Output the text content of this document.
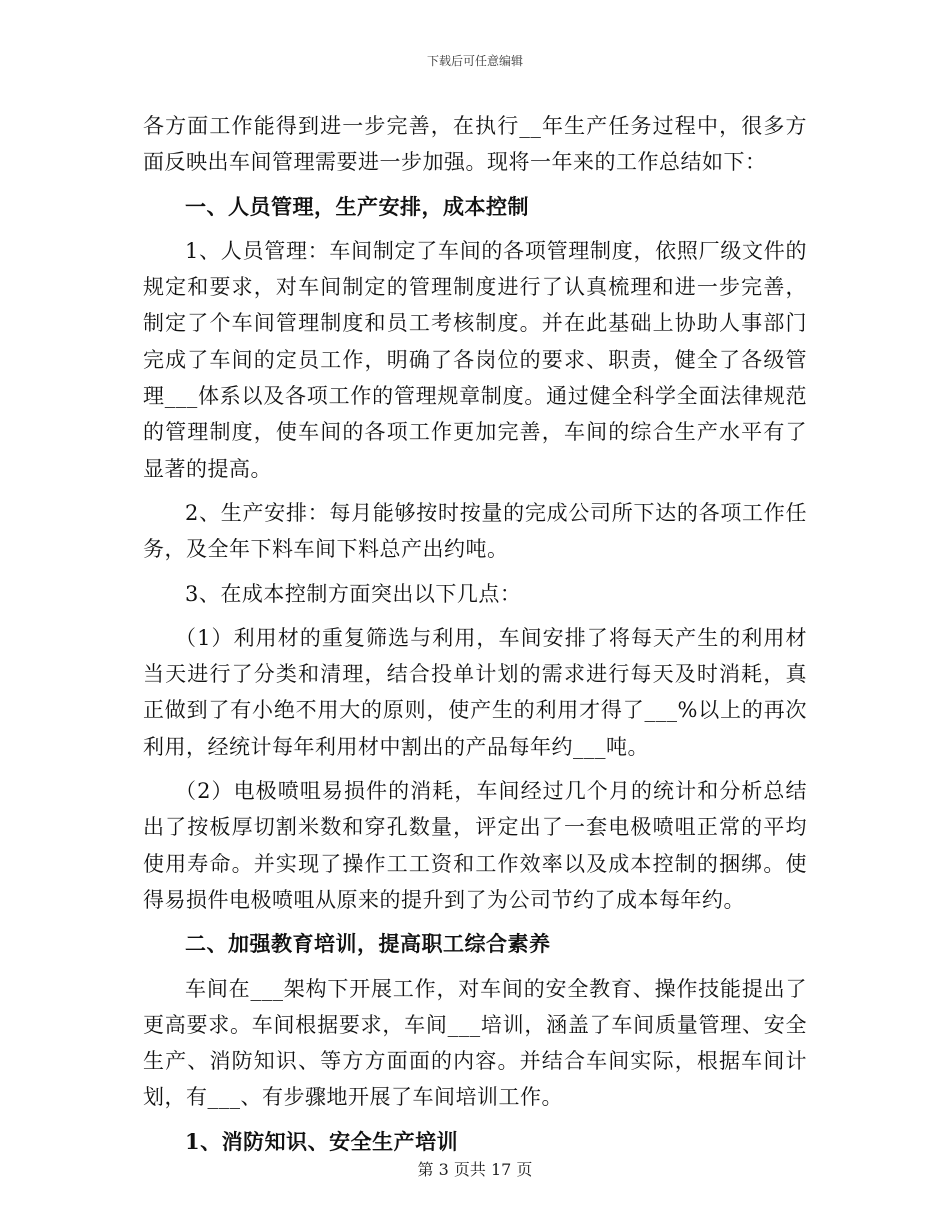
下载后可任意编辑

各方面工作能得到进一步完善，在执行__年生产任务过程中，很多方面反映出车间管理需要进一步加强。现将一年来的工作总结如下：

一、人员管理，生产安排，成本控制

1、人员管理：车间制定了车间的各项管理制度，依照厂级文件的规定和要求，对车间制定的管理制度进行了认真梳理和进一步完善，制定了个车间管理制度和员工考核制度。并在此基础上协助人事部门完成了车间的定员工作，明确了各岗位的要求、职责，健全了各级管理___体系以及各项工作的管理规章制度。通过健全科学全面法律规范的管理制度，使车间的各项工作更加完善，车间的综合生产水平有了显著的提高。

2、生产安排：每月能够按时按量的完成公司所下达的各项工作任务，及全年下料车间下料总产出约吨。

3、在成本控制方面突出以下几点：

（1）利用材的重复筛选与利用，车间安排了将每天产生的利用材当天进行了分类和清理，结合投单计划的需求进行每天及时消耗，真正做到了有小绝不用大的原则，使产生的利用才得了___%以上的再次利用，经统计每年利用材中割出的产品每年约___吨。

（2）电极喷咀易损件的消耗，车间经过几个月的统计和分析总结出了按板厚切割米数和穿孔数量，评定出了一套电极喷咀正常的平均使用寿命。并实现了操作工工资和工作效率以及成本控制的捆绑。使得易损件电极喷咀从原来的提升到了为公司节约了成本每年约。

二、加强教育培训，提高职工综合素养

车间在___架构下开展工作，对车间的安全教育、操作技能提出了更高要求。车间根据要求，车间___培训，涵盖了车间质量管理、安全生产、消防知识、等方方面面的内容。并结合车间实际，根据车间计划，有___、有步骤地开展了车间培训工作。

1、消防知识、安全生产培训

第 3 页共 17 页
